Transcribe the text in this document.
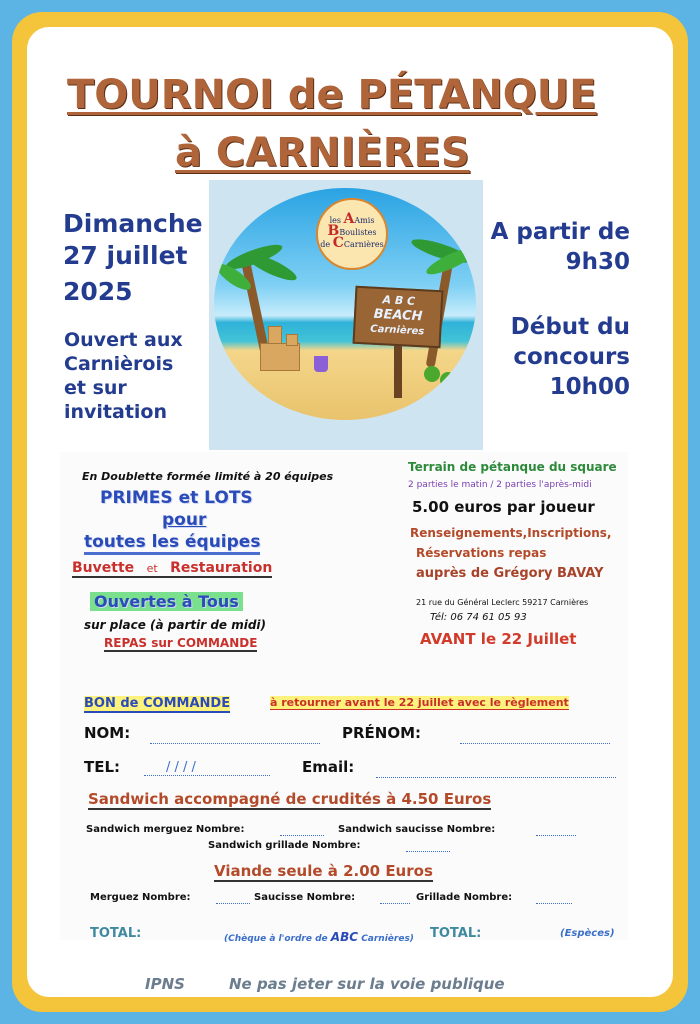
TOURNOI de PÉTANQUE
à CARNIÈRES
Dimanche
27 juillet
2025
Ouvert aux
Carnièrois
et sur
invitation
A partir de
9h30
Début du
concours
10h00
les AAmis
BBoulistes
de CCarnières
A B C
BEACH
Carnières
En Doublette formée limité à 20 équipes
PRIMES et LOTS
pour
toutes les équipes
Buvette et Restauration
Ouvertes à Tous
sur place (à partir de midi)
REPAS sur COMMANDE
Terrain de pétanque du square
2 parties le matin / 2 parties l'après-midi
5.00 euros par joueur
Renseignements,Inscriptions,
Réservations repas
auprès de Grégory BAVAY
21 rue du Général Leclerc 59217 Carnières
Tél: 06 74 61 05 93
AVANT le 22 Juillet
BON de COMMANDE	à retourner avant le 22 juillet avec le règlement
NOM:	PRÉNOM:
TEL:	/ / / /	Email:
Sandwich accompagné de crudités à 4.50 Euros
Sandwich merguez Nombre:	Sandwich saucisse Nombre:
Sandwich grillade Nombre:
Viande seule à 2.00 Euros
Merguez Nombre:	Saucisse Nombre:	Grillade Nombre:
TOTAL:	(Chèque à l'ordre de ABC Carnières) TOTAL:	(Espèces)
IPNS	Ne pas jeter sur la voie publique
